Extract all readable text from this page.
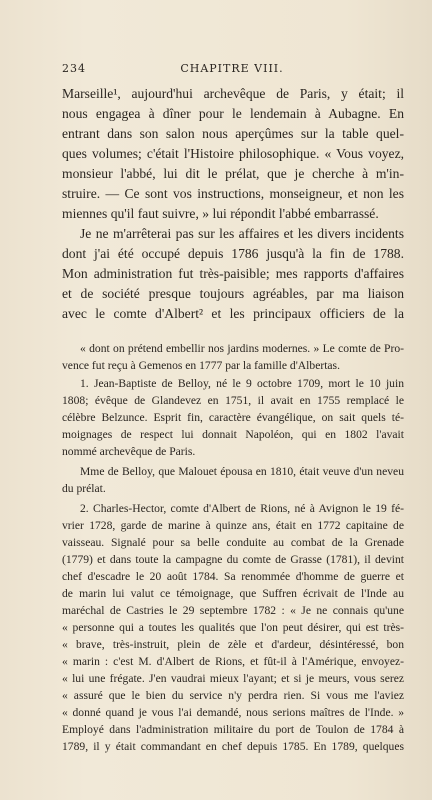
234	CHAPITRE VIII.
Marseille¹, aujourd'hui archevêque de Paris, y était; il
nous engagea à dîner pour le lendemain à Aubagne. En
entrant dans son salon nous aperçûmes sur la table quel-
ques volumes; c'était l'Histoire philosophique. « Vous voyez,
monsieur l'abbé, lui dit le prélat, que je cherche à m'in-
struire. — Ce sont vos instructions, monseigneur, et non les
miennes qu'il faut suivre, » lui répondit l'abbé embarrassé.
Je ne m'arrêterai pas sur les affaires et les divers incidents
dont j'ai été occupé depuis 1786 jusqu'à la fin de 1788.
Mon administration fut très-paisible; mes rapports d'affaires
et de société presque toujours agréables, par ma liaison
avec le comte d'Albert² et les principaux officiers de la
« dont on prétend embellir nos jardins modernes. » Le comte de Pro-
vence fut reçu à Gemenos en 1777 par la famille d'Albertas.
1. Jean-Baptiste de Belloy, né le 9 octobre 1709, mort le 10 juin
1808; évêque de Glandevez en 1751, il avait en 1755 remplacé le
célèbre Belzunce. Esprit fin, caractère évangélique, on sait quels té-
moignages de respect lui donnait Napoléon, qui en 1802 l'avait
nommé archevêque de Paris.
Mme de Belloy, que Malouet épousa en 1810, était veuve d'un neveu
du prélat.
2. Charles-Hector, comte d'Albert de Rions, né à Avignon le 19 fé-
vrier 1728, garde de marine à quinze ans, était en 1772 capitaine de
vaisseau. Signalé pour sa belle conduite au combat de la Grenade
(1779) et dans toute la campagne du comte de Grasse (1781), il devint
chef d'escadre le 20 août 1784. Sa renommée d'homme de guerre et
de marin lui valut ce témoignage, que Suffren écrivait de l'Inde au
maréchal de Castries le 29 septembre 1782 : « Je ne connais qu'une
« personne qui a toutes les qualités que l'on peut désirer, qui est très-
« brave, très-instruit, plein de zèle et d'ardeur, désintéressé, bon
« marin : c'est M. d'Albert de Rions, et fût-il à l'Amérique, envoyez-
« lui une frégate. J'en vaudrai mieux l'ayant; et si je meurs, vous serez
« assuré que le bien du service n'y perdra rien. Si vous me l'aviez
« donné quand je vous l'ai demandé, nous serions maîtres de l'Inde. »
Employé dans l'administration militaire du port de Toulon de 1784 à
1789, il y était commandant en chef depuis 1785. En 1789, quelques
